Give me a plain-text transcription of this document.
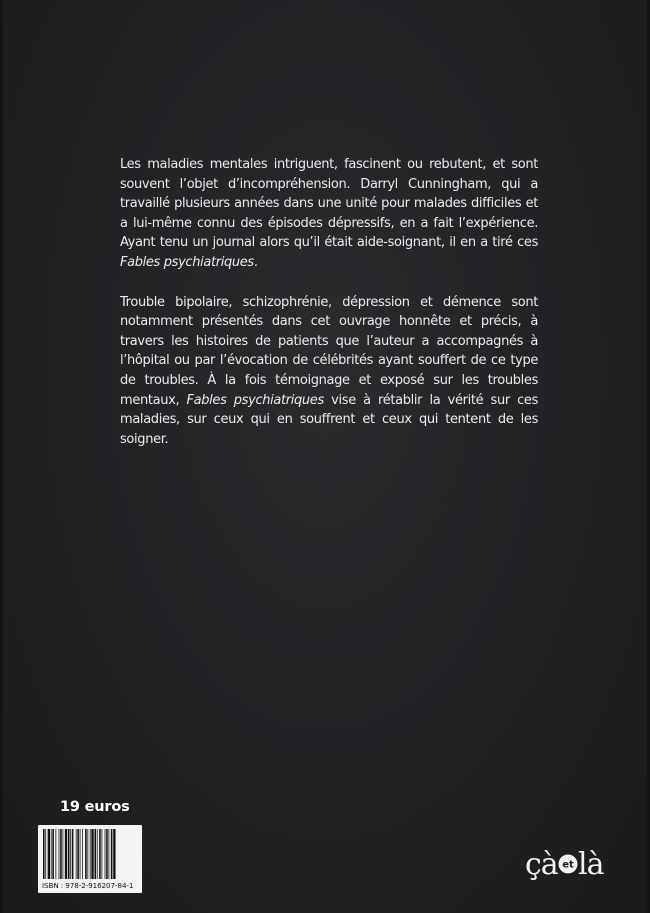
Les maladies mentales intriguent, fascinent ou rebutent, et sont souvent l’objet d’incompréhension. Darryl Cunningham, qui a travaillé plusieurs années dans une unité pour malades difficiles et a lui-même connu des épisodes dépressifs, en a fait l’expérience. Ayant tenu un journal alors qu’il était aide-soignant, il en a tiré ces Fables psychiatriques.

Trouble bipolaire, schizophrénie, dépression et démence sont notamment présentés dans cet ouvrage honnête et précis, à travers les histoires de patients que l’auteur a accompagnés à l’hôpital ou par l’évocation de célébrités ayant souffert de ce type de troubles. À la fois témoignage et exposé sur les troubles mentaux, Fables psychiatriques vise à rétablir la vérité sur ces maladies, sur ceux qui en souffrent et ceux qui tentent de les soigner.

19 euros
ISBN : 978-2-916207-84-1
çà et là
